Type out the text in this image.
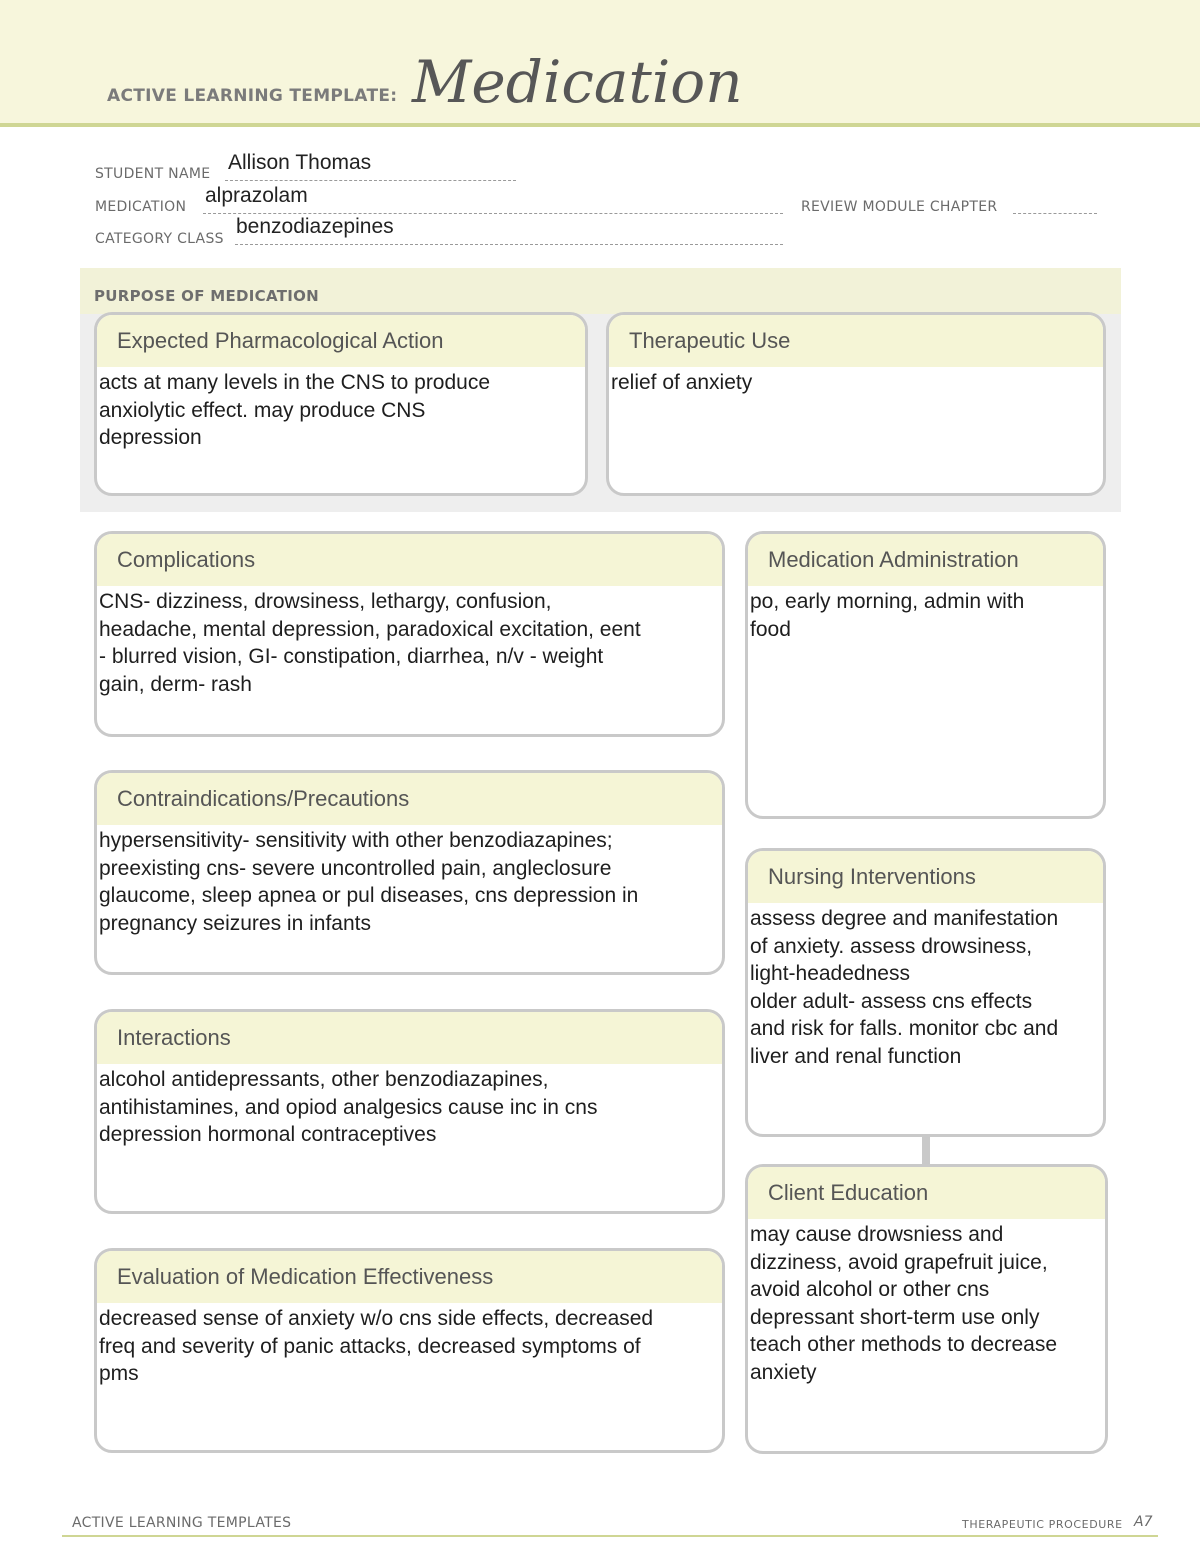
ACTIVE LEARNING TEMPLATE: Medication
STUDENT NAME Allison Thomas
MEDICATION alprazolam	REVIEW MODULE CHAPTER
CATEGORY CLASS
benzodiazepines
PURPOSE OF MEDICATION
Expected Pharmacological Action
acts at many levels in the CNS to produce
anxiolytic effect. may produce CNS
depression
Therapeutic Use
relief of anxiety
Complications
CNS- dizziness, drowsiness, lethargy, confusion,
headache, mental depression, paradoxical excitation, eent
- blurred vision, GI- constipation, diarrhea, n/v - weight
gain, derm- rash
Contraindications/Precautions
hypersensitivity- sensitivity with other benzodiazapines;
preexisting cns- severe uncontrolled pain, angleclosure
glaucome, sleep apnea or pul diseases, cns depression in
pregnancy seizures in infants
Interactions
alcohol antidepressants, other benzodiazapines,
antihistamines, and opiod analgesics cause inc in cns
depression hormonal contraceptives
Evaluation of Medication Effectiveness
decreased sense of anxiety w/o cns side effects, decreased
freq and severity of panic attacks, decreased symptoms of
pms
Medication Administration
po, early morning, admin with
food
Nursing Interventions
assess degree and manifestation
of anxiety. assess drowsiness,
light-headedness
older adult- assess cns effects
and risk for falls. monitor cbc and
liver and renal function
Client Education
may cause drowsniess and
dizziness, avoid grapefruit juice,
avoid alcohol or other cns
depressant short-term use only
teach other methods to decrease
anxiety
ACTIVE LEARNING TEMPLATES	THERAPEUTIC PROCEDURE A7
